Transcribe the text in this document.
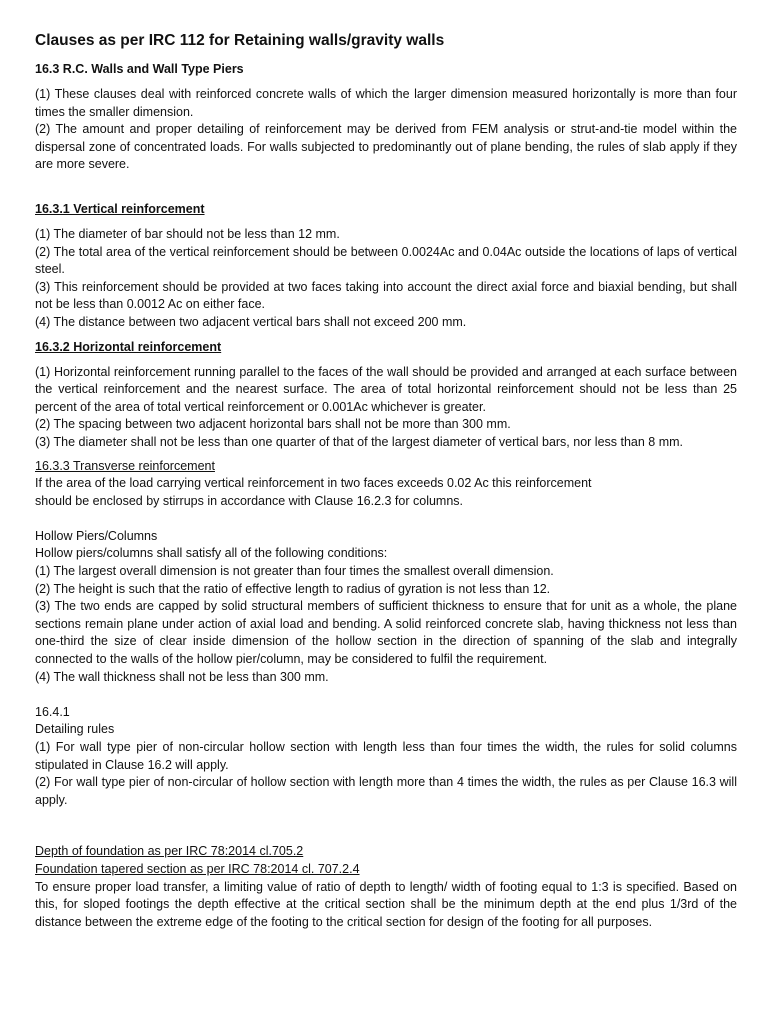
Clauses as per IRC 112 for Retaining walls/gravity walls
16.3 R.C. Walls and Wall Type Piers
(1) These clauses deal with reinforced concrete walls of which the larger dimension measured horizontally is more than four times the smaller dimension.
(2) The amount and proper detailing of reinforcement may be derived from FEM analysis or strut-and-tie model within the dispersal zone of concentrated loads. For walls subjected to predominantly out of plane bending, the rules of slab apply if they are more severe.
16.3.1 Vertical reinforcement
(1) The diameter of bar should not be less than 12 mm.
(2) The total area of the vertical reinforcement should be between 0.0024Ac and 0.04Ac outside the locations of laps of vertical steel.
(3) This reinforcement should be provided at two faces taking into account the direct axial force and biaxial bending, but shall not be less than 0.0012 Ac on either face.
(4) The distance between two adjacent vertical bars shall not exceed 200 mm.
16.3.2 Horizontal reinforcement
(1) Horizontal reinforcement running parallel to the faces of the wall should be provided and arranged at each surface between the vertical reinforcement and the nearest surface. The area of total horizontal reinforcement should not be less than 25 percent of the area of total vertical reinforcement or 0.001Ac whichever is greater.
(2) The spacing between two adjacent horizontal bars shall not be more than 300 mm.
(3) The diameter shall not be less than one quarter of that of the largest diameter of vertical bars, nor less than 8 mm.
16.3.3 Transverse reinforcement
If the area of the load carrying vertical reinforcement in two faces exceeds 0.02 Ac this reinforcement
should be enclosed by stirrups in accordance with Clause 16.2.3 for columns.
Hollow Piers/Columns
Hollow piers/columns shall satisfy all of the following conditions:
(1) The largest overall dimension is not greater than four times the smallest overall dimension.
(2) The height is such that the ratio of effective length to radius of gyration is not less than 12.
(3) The two ends are capped by solid structural members of sufficient thickness to ensure that for unit as a whole, the plane sections remain plane under action of axial load and bending. A solid reinforced concrete slab, having thickness not less than one-third the size of clear inside dimension of the hollow section in the direction of spanning of the slab and integrally connected to the walls of the hollow pier/column, may be considered to fulfil the requirement.
(4) The wall thickness shall not be less than 300 mm.
16.4.1
Detailing rules
(1) For wall type pier of non-circular hollow section with length less than four times the width, the rules for solid columns stipulated in Clause 16.2 will apply.
(2) For wall type pier of non-circular of hollow section with length more than 4 times the width, the rules as per Clause 16.3 will apply.
Depth of foundation as per IRC 78:2014 cl.705.2
Foundation tapered section as per IRC 78:2014 cl. 707.2.4
To ensure proper load transfer, a limiting value of ratio of depth to length/ width of footing equal to 1:3 is specified. Based on this, for sloped footings the depth effective at the critical section shall be the minimum depth at the end plus 1/3rd of the distance between the extreme edge of the footing to the critical section for design of the footing for all purposes.
